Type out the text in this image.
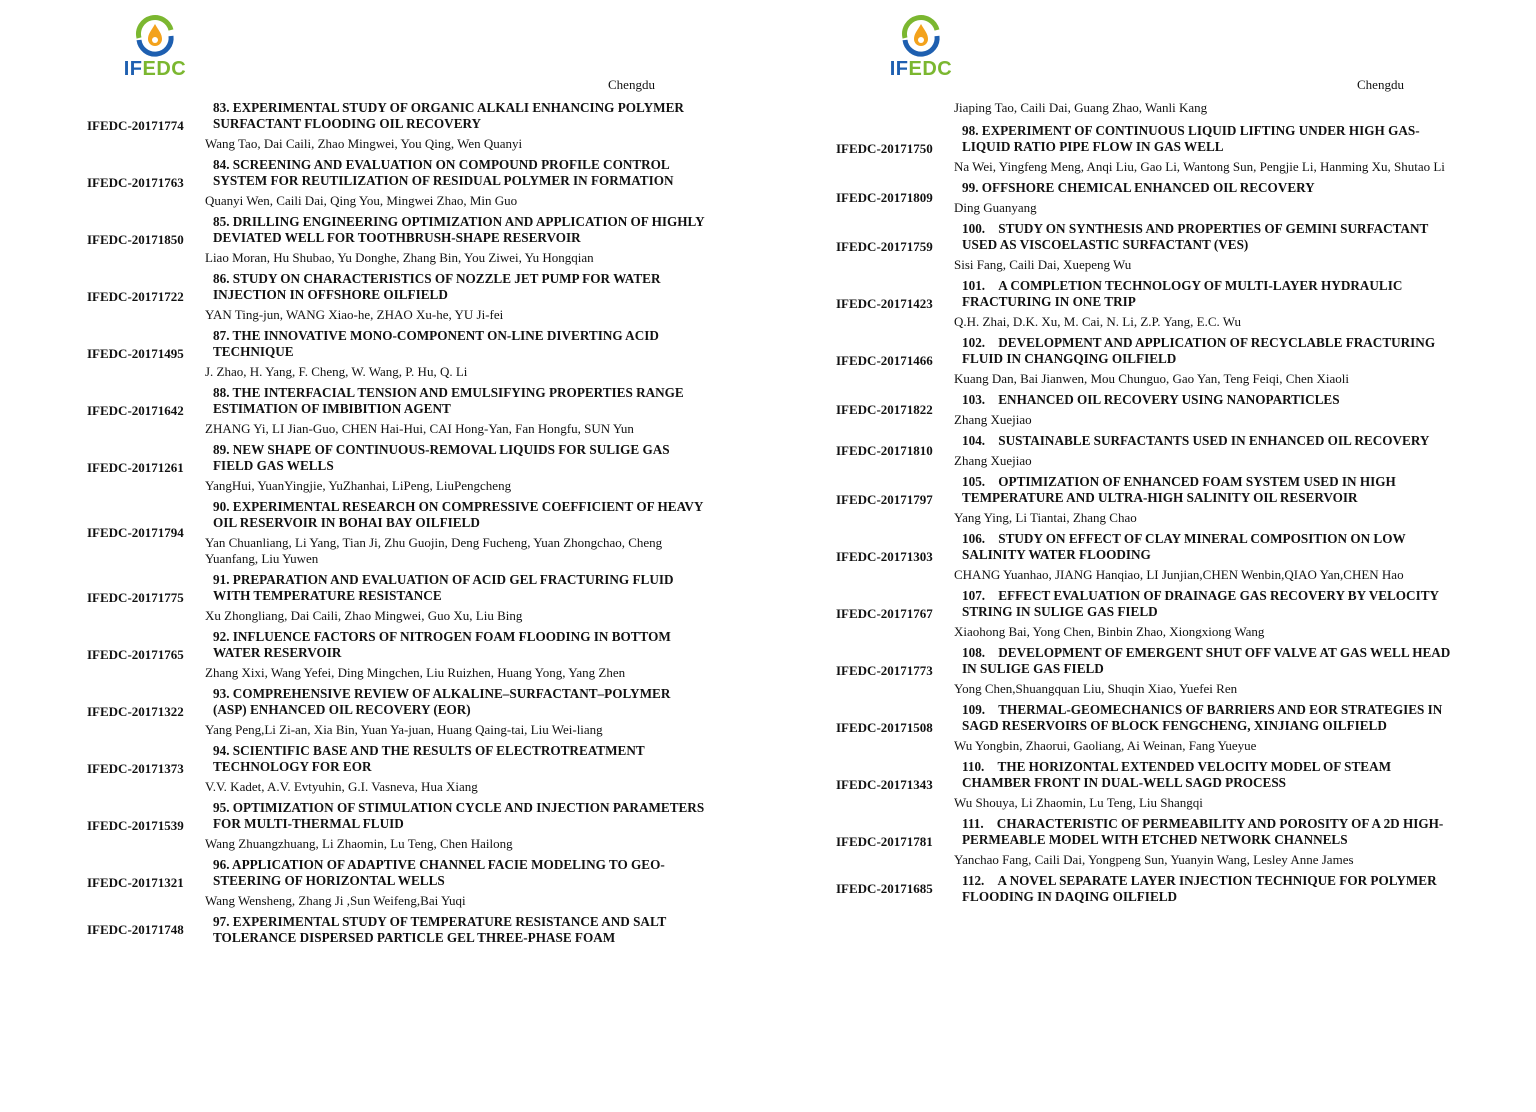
IFEDC
Chengdu
IFEDC-20171774
83. EXPERIMENTAL STUDY OF ORGANIC ALKALI ENHANCING POLYMER SURFACTANT FLOODING OIL RECOVERY
Wang Tao, Dai Caili, Zhao Mingwei, You Qing, Wen Quanyi
IFEDC-20171763
84. SCREENING AND EVALUATION ON COMPOUND PROFILE CONTROL SYSTEM FOR REUTILIZATION OF RESIDUAL POLYMER IN FORMATION
Quanyi Wen, Caili Dai, Qing You, Mingwei Zhao, Min Guo
IFEDC-20171850
85. DRILLING ENGINEERING OPTIMIZATION AND APPLICATION OF HIGHLY DEVIATED WELL FOR TOOTHBRUSH-SHAPE RESERVOIR
Liao Moran, Hu Shubao, Yu Donghe, Zhang Bin, You Ziwei, Yu Hongqian
IFEDC-20171722
86. STUDY ON CHARACTERISTICS OF NOZZLE JET PUMP FOR WATER INJECTION IN OFFSHORE OILFIELD
YAN Ting-jun, WANG Xiao-he, ZHAO Xu-he, YU Ji-fei
IFEDC-20171495
87. THE INNOVATIVE MONO-COMPONENT ON-LINE DIVERTING ACID TECHNIQUE
J. Zhao, H. Yang, F. Cheng, W. Wang, P. Hu, Q. Li
IFEDC-20171642
88. THE INTERFACIAL TENSION AND EMULSIFYING PROPERTIES RANGE ESTIMATION OF IMBIBITION AGENT
ZHANG Yi, LI Jian-Guo, CHEN Hai-Hui, CAI Hong-Yan, Fan Hongfu, SUN Yun
IFEDC-20171261
89. NEW SHAPE OF CONTINUOUS-REMOVAL LIQUIDS FOR SULIGE GAS FIELD GAS WELLS
YangHui, YuanYingjie, YuZhanhai, LiPeng, LiuPengcheng
IFEDC-20171794
90. EXPERIMENTAL RESEARCH ON COMPRESSIVE COEFFICIENT OF HEAVY OIL RESERVOIR IN BOHAI BAY OILFIELD
Yan Chuanliang, Li Yang, Tian Ji, Zhu Guojin, Deng Fucheng, Yuan Zhongchao, Cheng Yuanfang, Liu Yuwen
IFEDC-20171775
91. PREPARATION AND EVALUATION OF ACID GEL FRACTURING FLUID WITH TEMPERATURE RESISTANCE
Xu Zhongliang, Dai Caili, Zhao Mingwei, Guo Xu, Liu Bing
IFEDC-20171765
92. INFLUENCE FACTORS OF NITROGEN FOAM FLOODING IN BOTTOM WATER RESERVOIR
Zhang Xixi, Wang Yefei, Ding Mingchen, Liu Ruizhen, Huang Yong, Yang Zhen
IFEDC-20171322
93. COMPREHENSIVE REVIEW OF ALKALINE–SURFACTANT–POLYMER (ASP) ENHANCED OIL RECOVERY (EOR)
Yang Peng,Li Zi-an, Xia Bin, Yuan Ya-juan, Huang Qaing-tai, Liu Wei-liang
IFEDC-20171373
94. SCIENTIFIC BASE AND THE RESULTS OF ELECTROTREATMENT TECHNOLOGY FOR EOR
V.V. Kadet, A.V. Evtyuhin, G.I. Vasneva, Hua Xiang
IFEDC-20171539
95. OPTIMIZATION OF STIMULATION CYCLE AND INJECTION PARAMETERS FOR MULTI-THERMAL FLUID
Wang Zhuangzhuang, Li Zhaomin, Lu Teng, Chen Hailong
IFEDC-20171321
96. APPLICATION OF ADAPTIVE CHANNEL FACIE MODELING TO GEO-STEERING OF HORIZONTAL WELLS
Wang Wensheng, Zhang Ji ,Sun Weifeng,Bai Yuqi
IFEDC-20171748
97. EXPERIMENTAL STUDY OF TEMPERATURE RESISTANCE AND SALT TOLERANCE DISPERSED PARTICLE GEL THREE-PHASE FOAM
IFEDC
Chengdu
Jiaping Tao, Caili Dai, Guang Zhao, Wanli Kang
IFEDC-20171750
98. EXPERIMENT OF CONTINUOUS LIQUID LIFTING UNDER HIGH GAS-LIQUID RATIO PIPE FLOW IN GAS WELL
Na Wei, Yingfeng Meng, Anqi Liu, Gao Li, Wantong Sun, Pengjie Li, Hanming Xu, Shutao Li
IFEDC-20171809
99. OFFSHORE CHEMICAL ENHANCED OIL RECOVERY
Ding Guanyang
IFEDC-20171759
100.    STUDY ON SYNTHESIS AND PROPERTIES OF GEMINI SURFACTANT USED AS VISCOELASTIC SURFACTANT (VES)
Sisi Fang, Caili Dai, Xuepeng Wu
IFEDC-20171423
101.    A COMPLETION TECHNOLOGY OF MULTI-LAYER HYDRAULIC FRACTURING IN ONE TRIP
Q.H. Zhai, D.K. Xu, M. Cai, N. Li, Z.P. Yang, E.C. Wu
IFEDC-20171466
102.    DEVELOPMENT AND APPLICATION OF RECYCLABLE FRACTURING FLUID IN CHANGQING OILFIELD
Kuang Dan, Bai Jianwen, Mou Chunguo, Gao Yan, Teng Feiqi, Chen Xiaoli
IFEDC-20171822
103.    ENHANCED OIL RECOVERY USING NANOPARTICLES
Zhang Xuejiao
IFEDC-20171810
104.    SUSTAINABLE SURFACTANTS USED IN ENHANCED OIL RECOVERY
Zhang Xuejiao
IFEDC-20171797
105.    OPTIMIZATION OF ENHANCED FOAM SYSTEM USED IN HIGH TEMPERATURE AND ULTRA-HIGH SALINITY OIL RESERVOIR
Yang Ying, Li Tiantai, Zhang Chao
IFEDC-20171303
106.    STUDY ON EFFECT OF CLAY MINERAL COMPOSITION ON LOW SALINITY WATER FLOODING
CHANG Yuanhao, JIANG Hanqiao, LI Junjian,CHEN Wenbin,QIAO Yan,CHEN Hao
IFEDC-20171767
107.    EFFECT EVALUATION OF DRAINAGE GAS RECOVERY BY VELOCITY STRING IN SULIGE GAS FIELD
Xiaohong Bai, Yong Chen, Binbin Zhao, Xiongxiong Wang
IFEDC-20171773
108.    DEVELOPMENT OF EMERGENT SHUT OFF VALVE AT GAS WELL HEAD IN SULIGE GAS FIELD
Yong Chen,Shuangquan Liu, Shuqin Xiao, Yuefei Ren
IFEDC-20171508
109.    THERMAL-GEOMECHANICS OF BARRIERS AND EOR STRATEGIES IN SAGD RESERVOIRS OF BLOCK FENGCHENG, XINJIANG OILFIELD
Wu Yongbin, Zhaorui, Gaoliang, Ai Weinan, Fang Yueyue
IFEDC-20171343
110.    THE HORIZONTAL EXTENDED VELOCITY MODEL OF STEAM CHAMBER FRONT IN DUAL-WELL SAGD PROCESS
Wu Shouya, Li Zhaomin, Lu Teng, Liu Shangqi
IFEDC-20171781
111.    CHARACTERISTIC OF PERMEABILITY AND POROSITY OF A 2D HIGH-PERMEABLE MODEL WITH ETCHED NETWORK CHANNELS
Yanchao Fang, Caili Dai, Yongpeng Sun, Yuanyin Wang, Lesley Anne James
IFEDC-20171685
112.    A NOVEL SEPARATE LAYER INJECTION TECHNIQUE FOR POLYMER FLOODING IN DAQING OILFIELD
